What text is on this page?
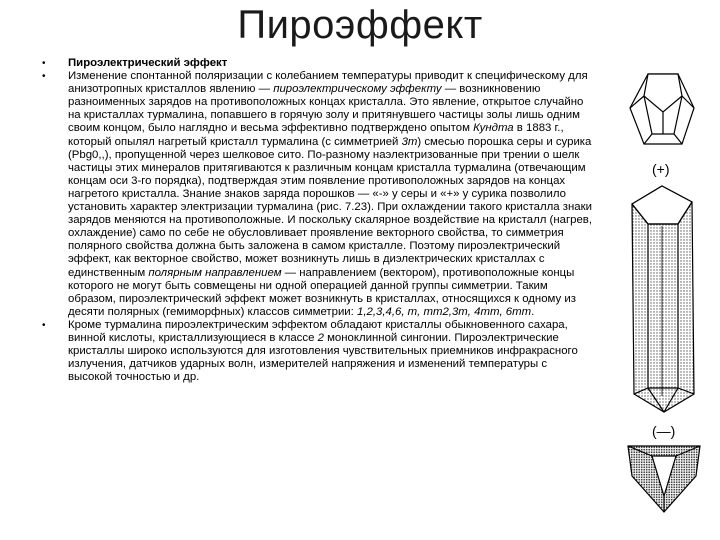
Пироэффект
• Пироэлектрический эффект
• Изменение спонтанной поляризации с колебанием температуры приводит к специфическому для анизотропных кристаллов явлению — пироэлектрическому эффекту — возникновению разноименных зарядов на противоположных концах кристалла. Это явление, открытое случайно на кристаллах турмалина, попавшего в горячую золу и притянувшего частицы золы лишь одним своим концом, было наглядно и весьма эффективно подтверждено опытом Кундта в 1883 г., который опылял нагретый кристалл турмалина (с симметрией 3m) смесью порошка серы и сурика (Pbg0,,), пропущенной через шелковое сито. По-разному наэлектризованные при трении о шелк частицы этих минералов притягиваются к различным концам кристалла турмалина (отвечающим концам оси 3-го порядка), подтверждая этим появление противоположных зарядов на концах нагретого кристалла. Знание знаков заряда порошков — «-» у серы и «+» у сурика позволило установить характер электризации турмалина (рис. 7.23). При охлаждении такого кристалла знаки зарядов меняются на противоположные. И поскольку скалярное воздействие на кристалл (нагрев, охлаждение) само по себе не обусловливает проявление векторного свойства, то симметрия полярного свойства должна быть заложена в самом кристалле. Поэтому пироэлектрический эффект, как векторное свойство, может возникнуть лишь в диэлектрических кристаллах с единственным полярным направлением — направлением (вектором), противоположные концы которого не могут быть совмещены ни одной операцией данной группы симметрии. Таким образом, пироэлектрический эффект может возникнуть в кристаллах, относящихся к одному из десяти полярных (гемиморфных) классов симметрии: 1,2,3,4,6, m, mm2,3m, 4mm, 6mm.
• Кроме турмалина пироэлектрическим эффектом обладают кристаллы обыкновенного сахара, винной кислоты, кристаллизующиеся в классе 2 моноклинной сингонии. Пироэлектрические кристаллы широко используются для изготовления чувствительных приемников инфракрасного излучения, датчиков ударных волн, измерителей напряжения и изменений температуры с высокой точностью и др.
(+)
(—)
